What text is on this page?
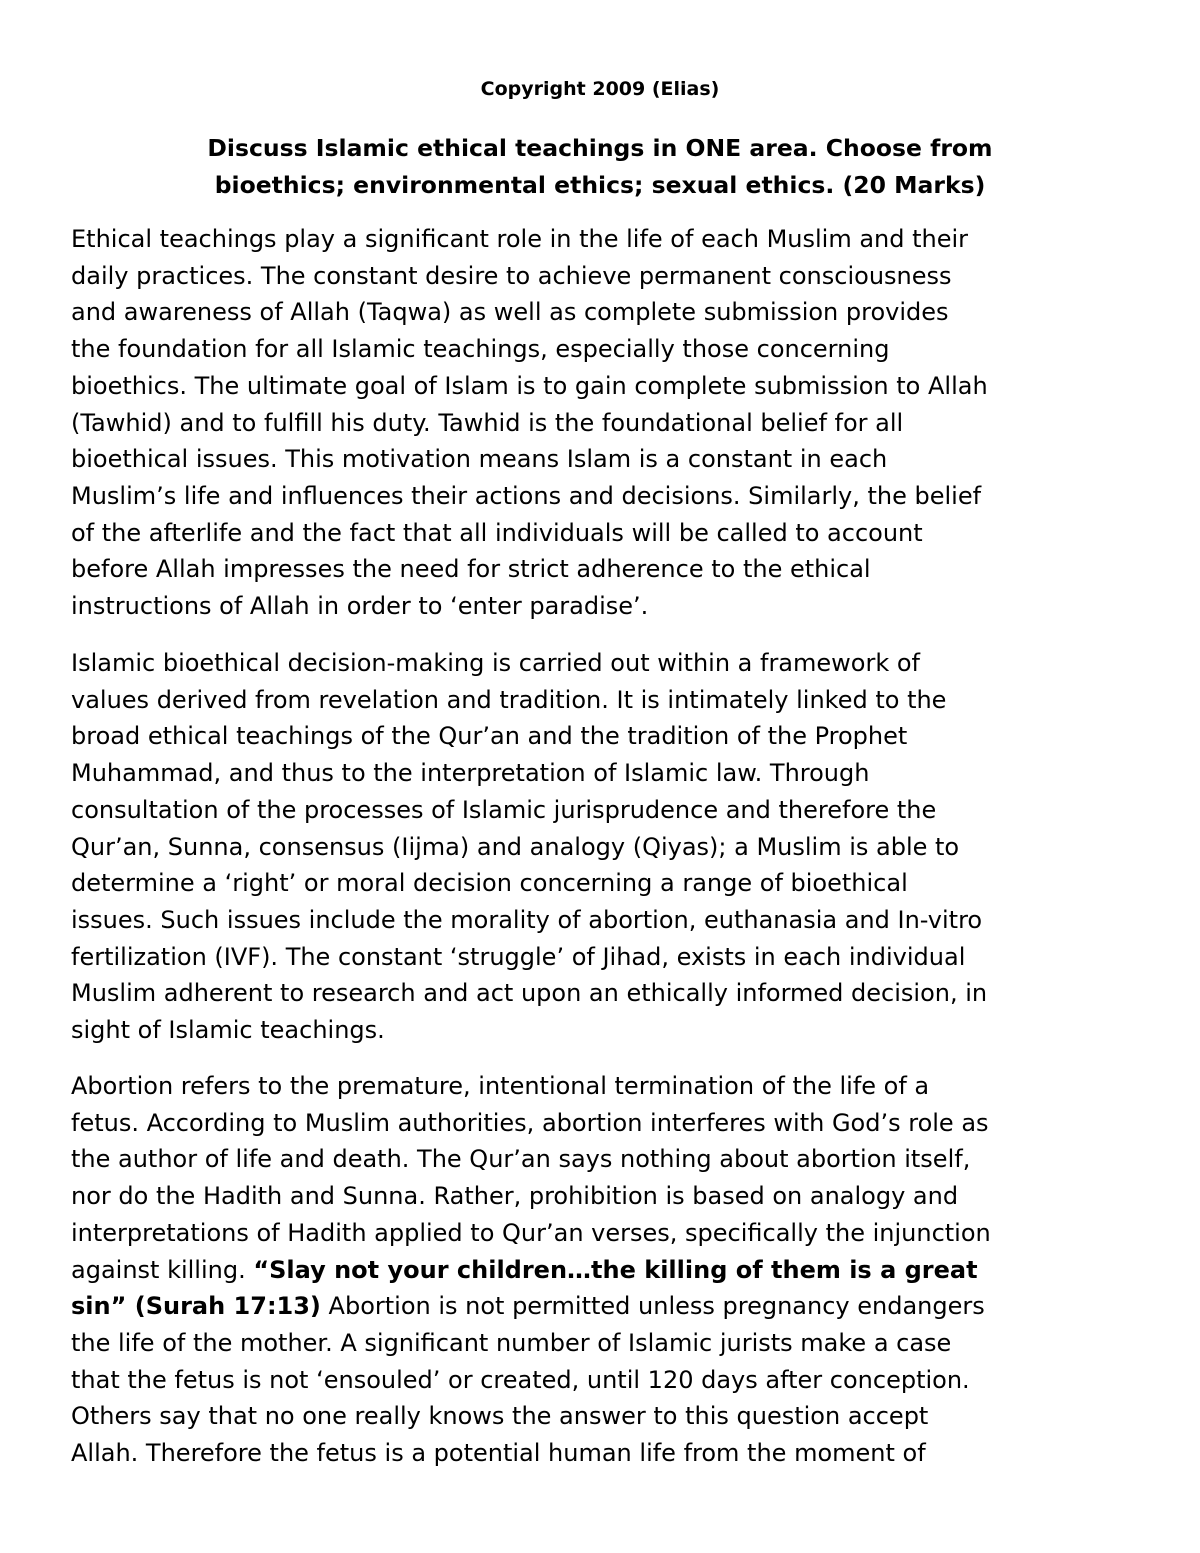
Copyright 2009 (Elias)
Discuss Islamic ethical teachings in ONE area. Choose from
bioethics; environmental ethics; sexual ethics. (20 Marks)
Ethical teachings play a significant role in the life of each Muslim and their
daily practices. The constant desire to achieve permanent consciousness
and awareness of Allah (Taqwa) as well as complete submission provides
the foundation for all Islamic teachings, especially those concerning
bioethics. The ultimate goal of Islam is to gain complete submission to Allah
(Tawhid) and to fulfill his duty. Tawhid is the foundational belief for all
bioethical issues. This motivation means Islam is a constant in each
Muslim’s life and influences their actions and decisions. Similarly, the belief
of the afterlife and the fact that all individuals will be called to account
before Allah impresses the need for strict adherence to the ethical
instructions of Allah in order to ‘enter paradise’.
Islamic bioethical decision-making is carried out within a framework of
values derived from revelation and tradition. It is intimately linked to the
broad ethical teachings of the Qur’an and the tradition of the Prophet
Muhammad, and thus to the interpretation of Islamic law. Through
consultation of the processes of Islamic jurisprudence and therefore the
Qur’an, Sunna, consensus (Iijma) and analogy (Qiyas); a Muslim is able to
determine a ‘right’ or moral decision concerning a range of bioethical
issues. Such issues include the morality of abortion, euthanasia and In-vitro
fertilization (IVF). The constant ‘struggle’ of Jihad, exists in each individual
Muslim adherent to research and act upon an ethically informed decision, in
sight of Islamic teachings.
Abortion refers to the premature, intentional termination of the life of a
fetus. According to Muslim authorities, abortion interferes with God’s role as
the author of life and death. The Qur’an says nothing about abortion itself,
nor do the Hadith and Sunna. Rather, prohibition is based on analogy and
interpretations of Hadith applied to Qur’an verses, specifically the injunction
against killing. “Slay not your children…the killing of them is a great
sin” (Surah 17:13) Abortion is not permitted unless pregnancy endangers
the life of the mother. A significant number of Islamic jurists make a case
that the fetus is not ‘ensouled’ or created, until 120 days after conception.
Others say that no one really knows the answer to this question accept
Allah. Therefore the fetus is a potential human life from the moment of
